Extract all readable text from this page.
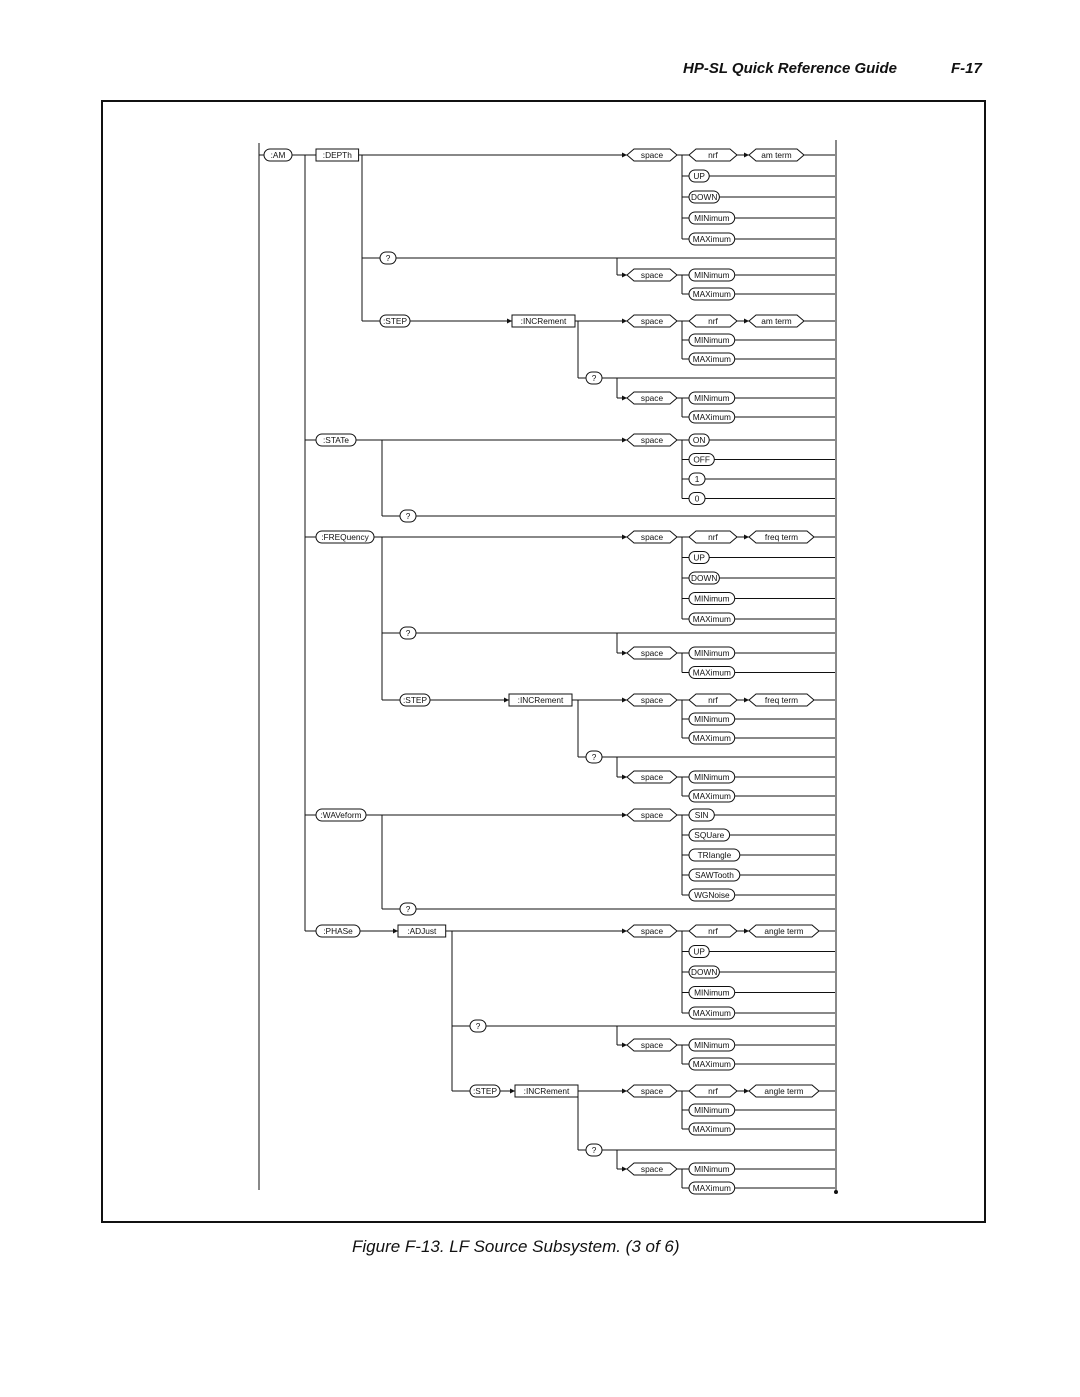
HP-SL Quick Reference Guide	F-17
:AM	:DEPTh	space	nrf	am term
UP
DOWN
MINimum
MAXimum
?
space	MINimum
MAXimum
:STEP	:INCRement	space	nrf	am term
MINimum
MAXimum
?
space	MINimum
MAXimum
:STATe	space	ON
OFF
1
0
?
:FREQuency	space	nrf	freq term
UP
DOWN
MINimum
MAXimum
?
space	MINimum
MAXimum
:STEP	:INCRement	space	nrf	freq term
MINimum
MAXimum
?
space	MINimum
MAXimum
:WAVeform	space	SIN
SQUare
TRIangle
SAWTooth
WGNoise
?
:PHASe	:ADJust	space	nrf	angle term
UP
DOWN
MINimum
MAXimum
?
space	MINimum
MAXimum
:STEP	:INCRement	space	nrf	angle term
MINimum
MAXimum
?
space	MINimum
MAXimum
Figure F-13. LF Source Subsystem. (3 of 6)
